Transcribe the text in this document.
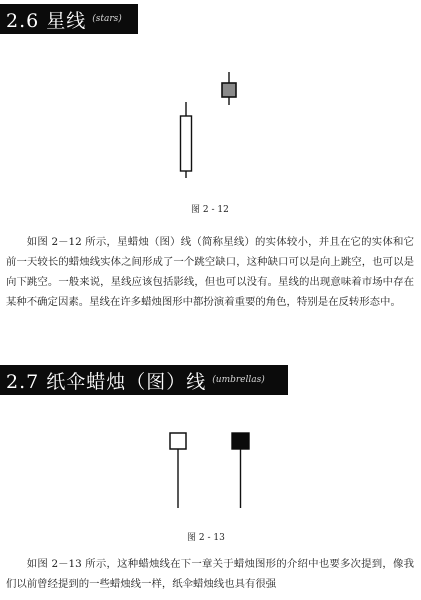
2.6 星线 (stars)
图 2 - 12
如图 2－12 所示，星蜡烛（图）线（简称星线）的实体较小，并且在它的实体和它前一天较长的蜡烛线实体之间形成了一个跳空缺口，这种缺口可以是向上跳空，也可以是向下跳空。一般来说，星线应该包括影线，但也可以没有。星线的出现意味着市场中存在某种不确定因素。星线在许多蜡烛图形中都扮演着重要的角色，特别是在反转形态中。
2.7 纸伞蜡烛（图）线 (umbrellas)
图 2 - 13
如图 2－13 所示，这种蜡烛线在下一章关于蜡烛图形的介绍中也要多次提到，像我们以前曾经提到的一些蜡烛线一样，纸伞蜡烛线也具有很强
